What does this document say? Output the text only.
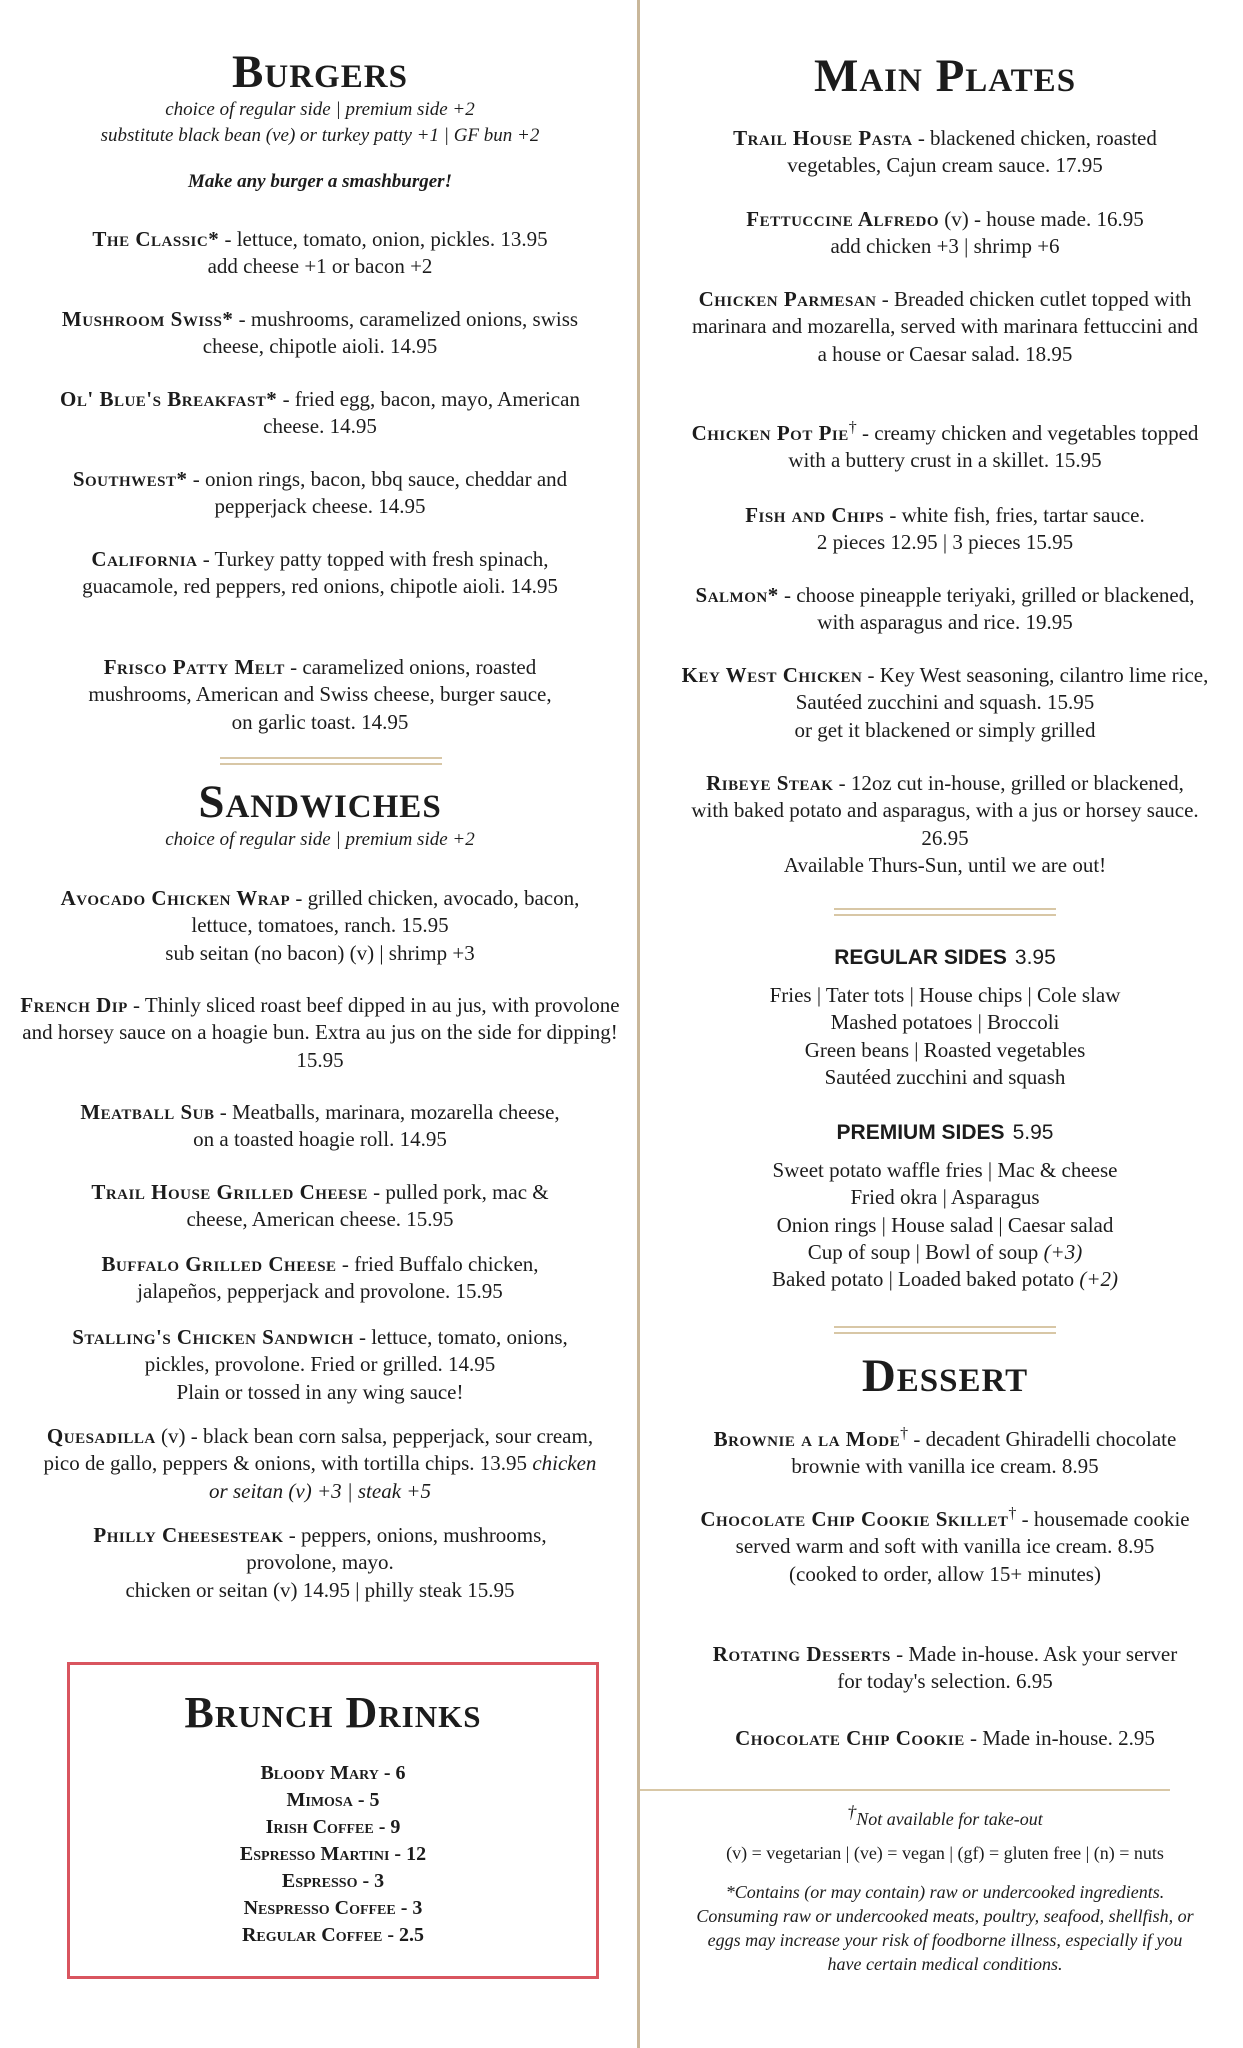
Burgers

choice of regular side | premium side +2

substitute black bean (ve) or turkey patty +1 | GF bun +2

Make any burger a smashburger!

The Classic* - lettuce, tomato, onion, pickles. 13.95

add cheese +1 or bacon +2

Mushroom Swiss* - mushrooms, caramelized onions, swiss cheese, chipotle aioli. 14.95

Ol' Blue's Breakfast* - fried egg, bacon, mayo, American cheese. 14.95

Southwest* - onion rings, bacon, bbq sauce, cheddar and pepperjack cheese. 14.95

California - Turkey patty topped with fresh spinach, guacamole, red peppers, red onions, chipotle aioli. 14.95

Frisco Patty Melt - caramelized onions, roasted mushrooms, American and Swiss cheese, burger sauce, on garlic toast. 14.95

Sandwiches

choice of regular side | premium side +2

Avocado Chicken Wrap - grilled chicken, avocado, bacon, lettuce, tomatoes, ranch. 15.95

sub seitan (no bacon) (v) | shrimp +3

French Dip - Thinly sliced roast beef dipped in au jus, with provolone and horsey sauce on a hoagie bun. Extra au jus on the side for dipping! 15.95

Meatball Sub - Meatballs, marinara, mozarella cheese, on a toasted hoagie roll. 14.95

Trail House Grilled Cheese - pulled pork, mac & cheese, American cheese. 15.95

Buffalo Grilled Cheese - fried Buffalo chicken, jalapeños, pepperjack and provolone. 15.95

Stalling's Chicken Sandwich - lettuce, tomato, onions, pickles, provolone. Fried or grilled. 14.95

Plain or tossed in any wing sauce!

Quesadilla (v) - black bean corn salsa, pepperjack, sour cream, pico de gallo, peppers & onions, with tortilla chips. 13.95 chicken or seitan (v) +3 | steak +5

Philly Cheesesteak - peppers, onions, mushrooms, provolone, mayo.

chicken or seitan (v) 14.95 | philly steak 15.95

Brunch Drinks

Bloody Mary - 6

Mimosa - 5

Irish Coffee - 9

Espresso Martini - 12

Espresso - 3

Nespresso Coffee - 3

Regular Coffee - 2.5

Main Plates

Trail House Pasta - blackened chicken, roasted vegetables, Cajun cream sauce. 17.95

Fettuccine Alfredo (v) - house made. 16.95

add chicken +3 | shrimp +6

Chicken Parmesan - Breaded chicken cutlet topped with marinara and mozarella, served with marinara fettuccini and a house or Caesar salad. 18.95

Chicken Pot Pie† - creamy chicken and vegetables topped with a buttery crust in a skillet. 15.95

Fish and Chips - white fish, fries, tartar sauce.

2 pieces 12.95 | 3 pieces 15.95

Salmon* - choose pineapple teriyaki, grilled or blackened, with asparagus and rice. 19.95

Key West Chicken - Key West seasoning, cilantro lime rice, Sautéed zucchini and squash. 15.95

or get it blackened or simply grilled

Ribeye Steak - 12oz cut in-house, grilled or blackened, with baked potato and asparagus, with a jus or horsey sauce. 26.95

Available Thurs-Sun, until we are out!

REGULAR SIDES 3.95

Fries | Tater tots | House chips | Cole slaw

Mashed potatoes | Broccoli

Green beans | Roasted vegetables

Sautéed zucchini and squash

PREMIUM SIDES 5.95

Sweet potato waffle fries | Mac & cheese

Fried okra | Asparagus

Onion rings | House salad | Caesar salad

Cup of soup | Bowl of soup (+3)

Baked potato | Loaded baked potato (+2)

Dessert

Brownie a la Mode† - decadent Ghiradelli chocolate brownie with vanilla ice cream. 8.95

Chocolate Chip Cookie Skillet† - housemade cookie served warm and soft with vanilla ice cream. 8.95

(cooked to order, allow 15+ minutes)

Rotating Desserts - Made in-house. Ask your server for today's selection. 6.95

Chocolate Chip Cookie - Made in-house. 2.95

†Not available for take-out

(v) = vegetarian | (ve) = vegan | (gf) = gluten free | (n) = nuts

*Contains (or may contain) raw or undercooked ingredients. Consuming raw or undercooked meats, poultry, seafood, shellfish, or eggs may increase your risk of foodborne illness, especially if you have certain medical conditions.
